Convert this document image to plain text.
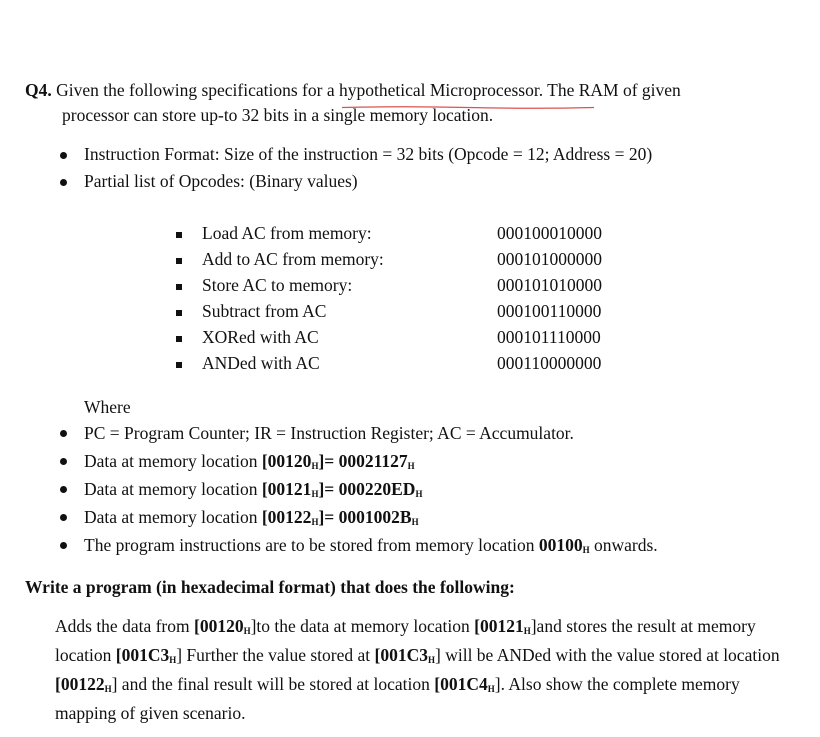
Q4. Given the following specifications for a hypothetical Microprocessor. The RAM of given
processor can store up-to 32 bits in a single memory location.
Instruction Format: Size of the instruction = 32 bits (Opcode = 12; Address = 20)
Partial list of Opcodes: (Binary values)
Load AC from memory:	000100010000
Add to AC from memory:	000101000000
Store AC to memory:	000101010000
Subtract from AC	000100110000
XORed with AC	000101110000
ANDed with AC	000110000000
Where
PC = Program Counter; IR = Instruction Register; AC = Accumulator.
Data at memory location $[00120_H]= 00021127_H$
Data at memory location $[00121_H]= 000220ED_H$
Data at memory location $[00122_H]= 0001002B_H$
The program instructions are to be stored from memory location $00100_H$ onwards.
Write a program (in hexadecimal format) that does the following:
Adds the data from $[00120_H]to$ the data at memory location $[00121_H]and$ stores the result at memory location $[001C3_H]$ Further the value stored at $[001C3_H]$ will be ANDed with the value stored at location $[00122_H]$ and the final result will be stored at location $[001C4_H]$. Also show the complete memory mapping of given scenario.
